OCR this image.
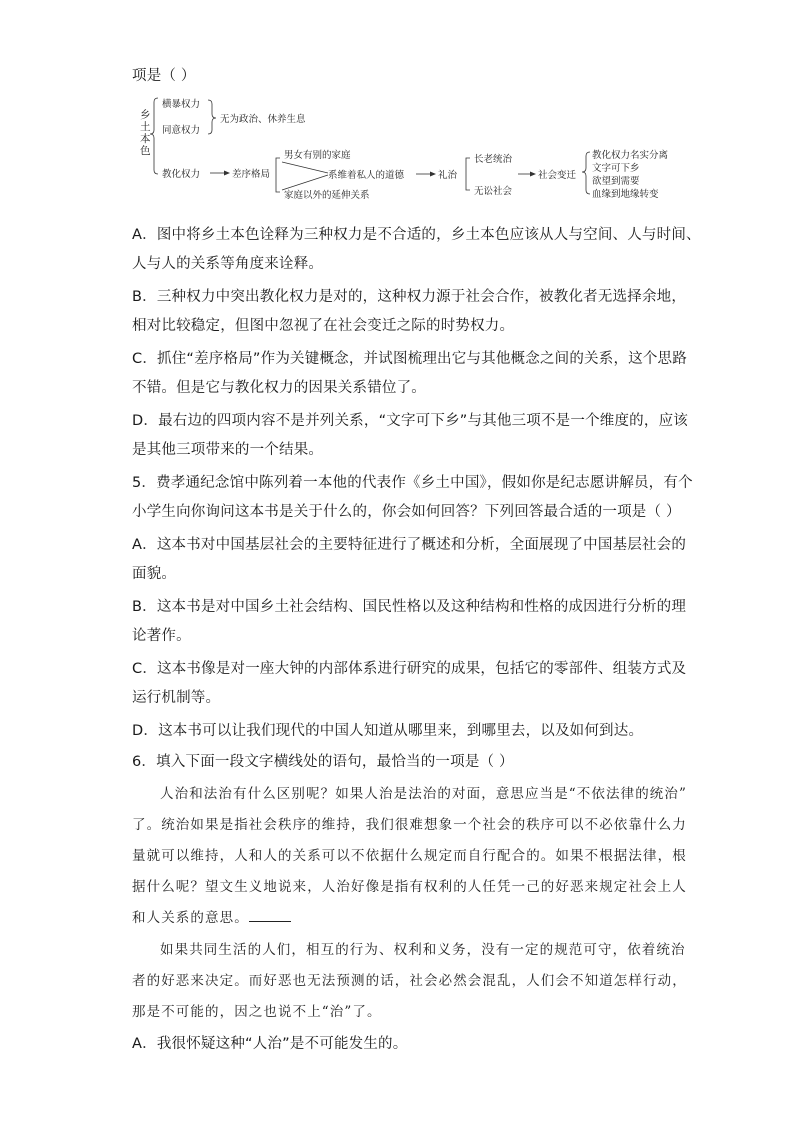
项是（ ）
乡
土
本
色
横暴权力
同意权力
无为政治、休养生息
教化权力	差序格局
男女有别的家庭
家庭以外的延伸关系
系维着私人的道德	礼治
长老统治
无讼社会
社会变迁
教化权力名实分离
文字可下乡
欲望到需要
血缘到地缘转变
A．图中将乡土本色诠释为三种权力是不合适的，乡土本色应该从人与空间、人与时间、
人与人的关系等角度来诠释。
B．三种权力中突出教化权力是对的，这种权力源于社会合作，被教化者无选择余地，
相对比较稳定，但图中忽视了在社会变迁之际的时势权力。
C．抓住“差序格局”作为关键概念，并试图梳理出它与其他概念之间的关系，这个思路
不错。但是它与教化权力的因果关系错位了。
D．最右边的四项内容不是并列关系，“文字可下乡”与其他三项不是一个维度的，应该
是其他三项带来的一个结果。
5．费孝通纪念馆中陈列着一本他的代表作《乡土中国》，假如你是纪志愿讲解员，有个
小学生向你询问这本书是关于什么的，你会如何回答？下列回答最合适的一项是（ ）
A．这本书对中国基层社会的主要特征进行了概述和分析，全面展现了中国基层社会的
面貌。
B．这本书是对中国乡土社会结构、国民性格以及这种结构和性格的成因进行分析的理
论著作。
C．这本书像是对一座大钟的内部体系进行研究的成果，包括它的零部件、组装方式及
运行机制等。
D．这本书可以让我们现代的中国人知道从哪里来，到哪里去，以及如何到达。
6．填入下面一段文字横线处的语句，最恰当的一项是（ ）
人治和法治有什么区别呢？如果人治是法治的对面，意思应当是“不依法律的统治”
了。统治如果是指社会秩序的维持，我们很难想象一个社会的秩序可以不必依靠什么力
量就可以维持，人和人的关系可以不依据什么规定而自行配合的。如果不根据法律，根
据什么呢？望文生义地说来，人治好像是指有权利的人任凭一己的好恶来规定社会上人
和人关系的意思。
如果共同生活的人们，相互的行为、权利和义务，没有一定的规范可守，依着统治
者的好恶来决定。而好恶也无法预测的话，社会必然会混乱，人们会不知道怎样行动，
那是不可能的，因之也说不上“治”了。
A．我很怀疑这种“人治”是不可能发生的。
